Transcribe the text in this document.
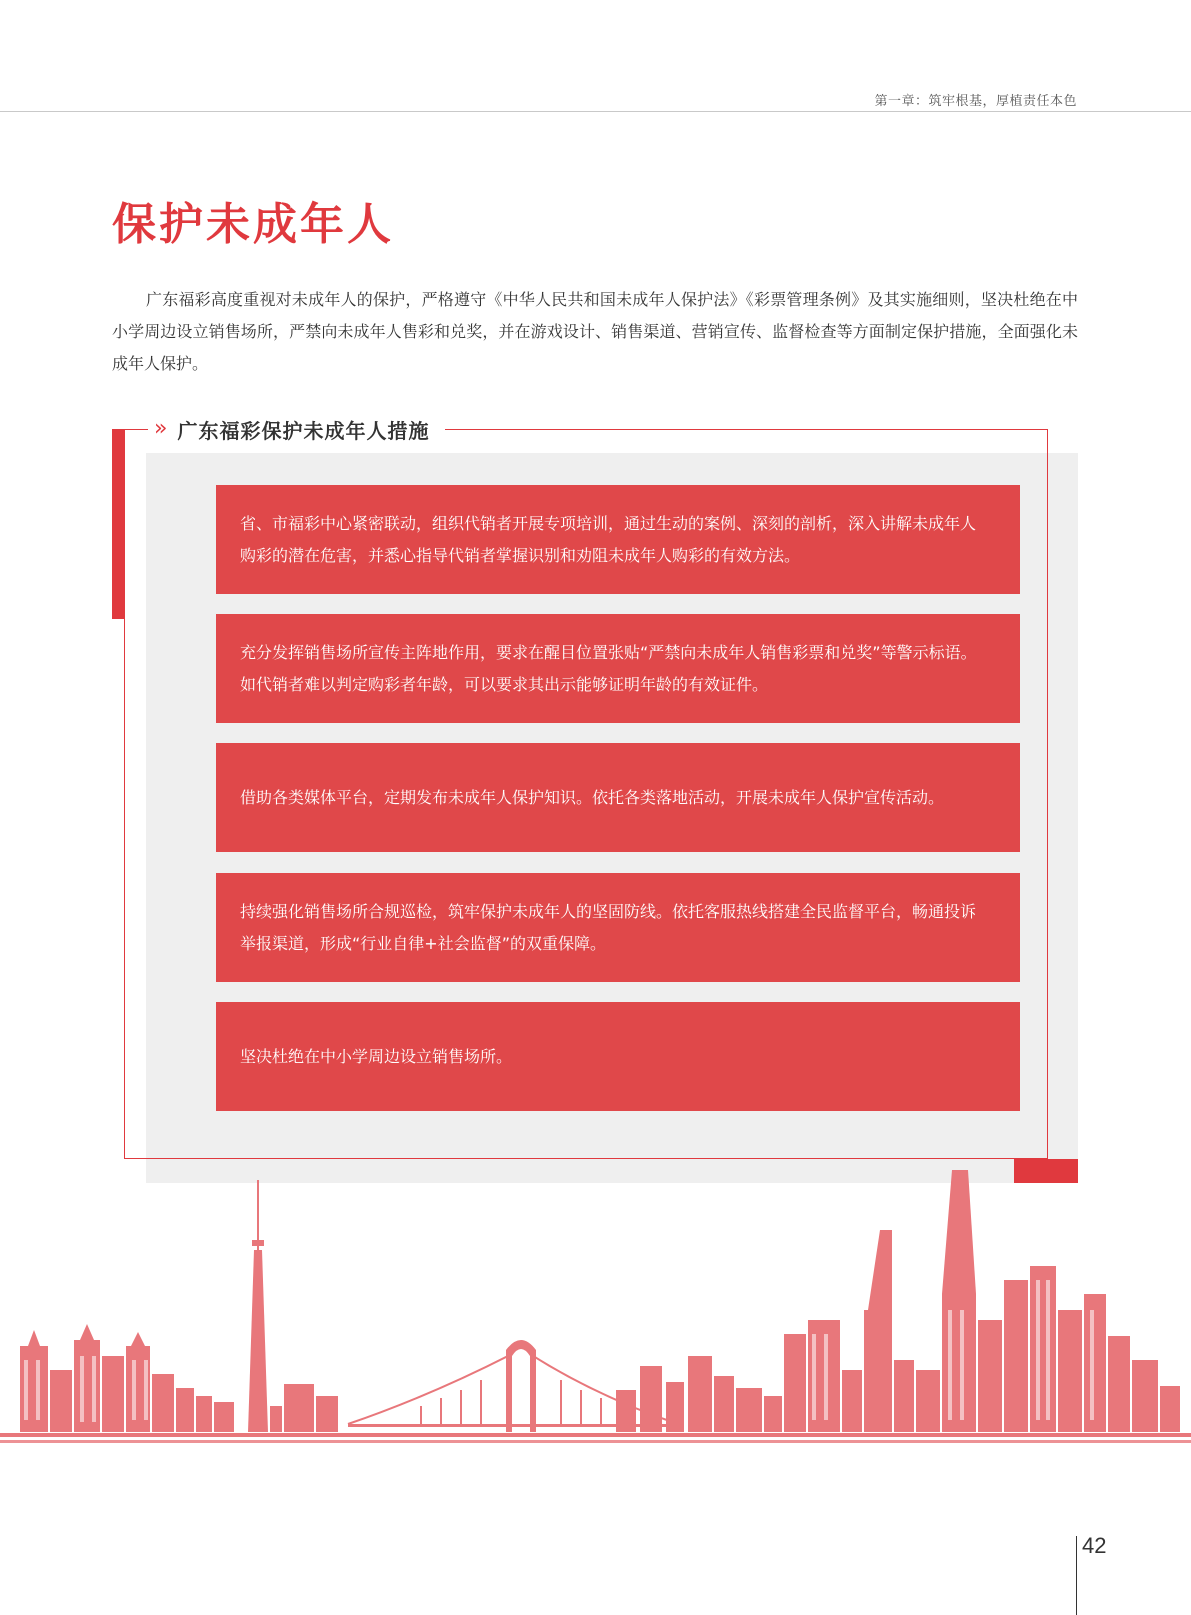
第一章：筑牢根基，厚植责任本色
保护未成年人

广东福彩高度重视对未成年人的保护，严格遵守《中华人民共和国未成年人保护法》《彩票管理条例》及其实施细则，坚决杜绝在中小学周边设立销售场所，严禁向未成年人售彩和兑奖，并在游戏设计、销售渠道、营销宣传、监督检查等方面制定保护措施，全面强化未成年人保护。

» 广东福彩保护未成年人措施

省、市福彩中心紧密联动，组织代销者开展专项培训，通过生动的案例、深刻的剖析，深入讲解未成年人购彩的潜在危害，并悉心指导代销者掌握识别和劝阻未成年人购彩的有效方法。

充分发挥销售场所宣传主阵地作用，要求在醒目位置张贴“严禁向未成年人销售彩票和兑奖”等警示标语。如代销者难以判定购彩者年龄，可以要求其出示能够证明年龄的有效证件。

借助各类媒体平台，定期发布未成年人保护知识。依托各类落地活动，开展未成年人保护宣传活动。

持续强化销售场所合规巡检，筑牢保护未成年人的坚固防线。依托客服热线搭建全民监督平台，畅通投诉举报渠道，形成“行业自律+社会监督”的双重保障。

坚决杜绝在中小学周边设立销售场所。

42
